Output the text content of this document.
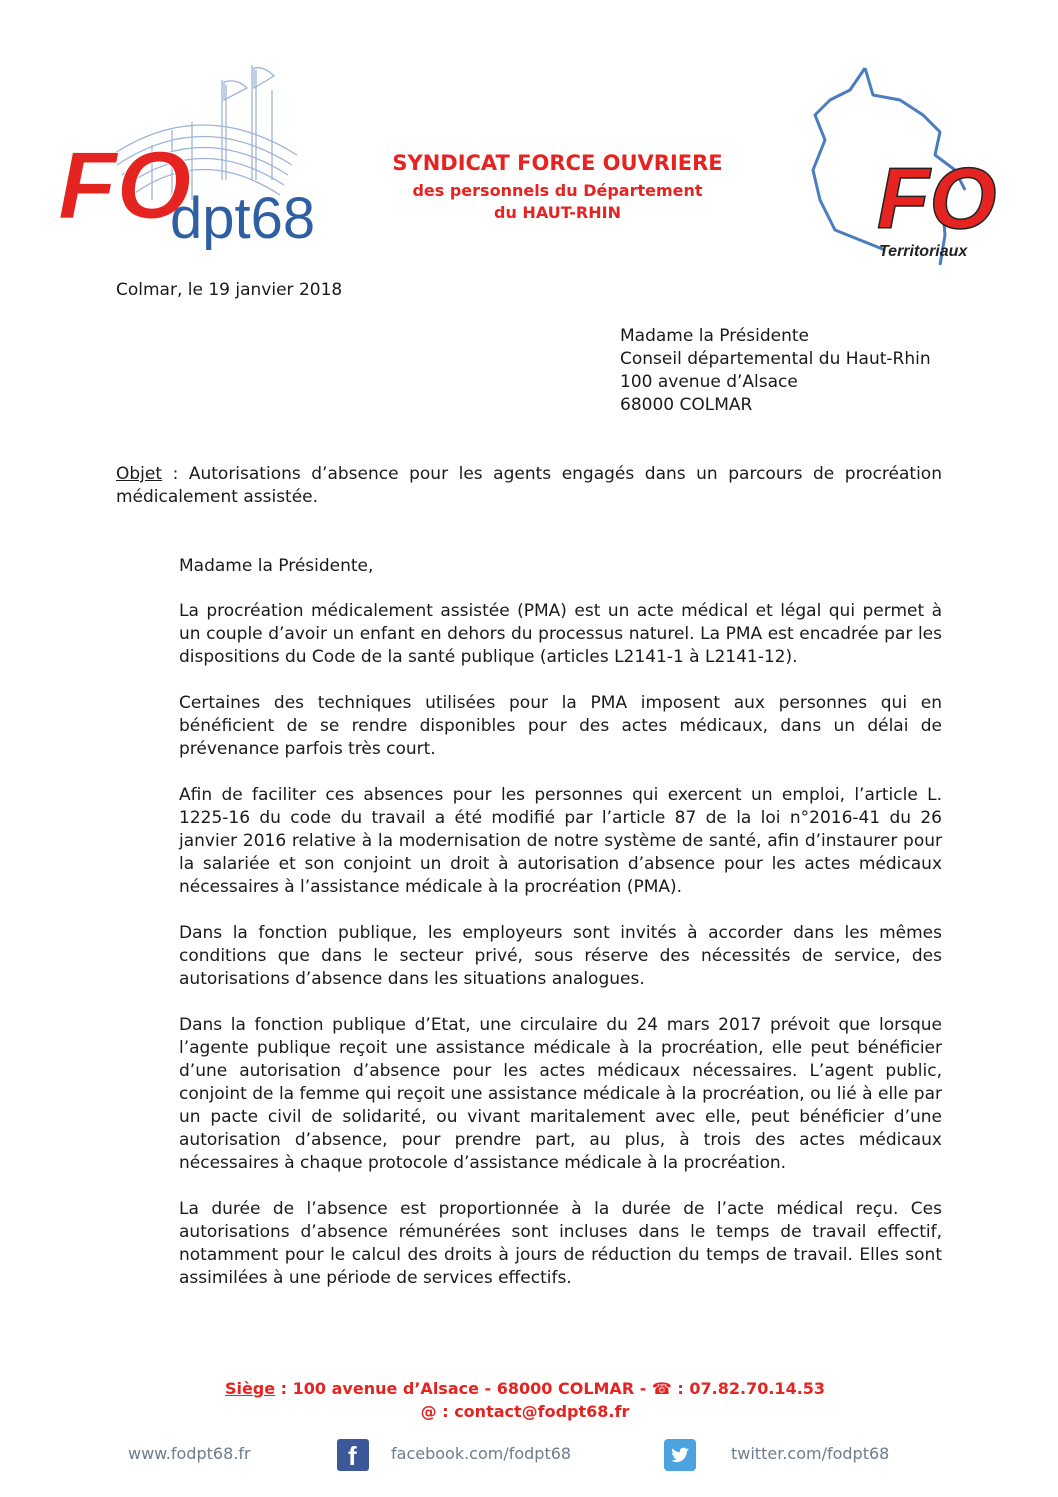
FO
dpt68
SYNDICAT FORCE OUVRIERE
des personnels du Département
du HAUT-RHIN	FO
Territoriaux
Colmar, le 19 janvier 2018
Madame la Présidente
Conseil départemental du Haut-Rhin
100 avenue d’Alsace
68000 COLMAR
Objet : Autorisations d’absence pour les agents engagés dans un parcours de procréation médicalement assistée.
Madame la Présidente,

La procréation médicalement assistée (PMA) est un acte médical et légal qui permet à un couple d’avoir un enfant en dehors du processus naturel. La PMA est encadrée par les dispositions du Code de la santé publique (articles L2141-1 à L2141-12).

Certaines des techniques utilisées pour la PMA imposent aux personnes qui en bénéficient de se rendre disponibles pour des actes médicaux, dans un délai de prévenance parfois très court.

Afin de faciliter ces absences pour les personnes qui exercent un emploi, l’article L. 1225-16 du code du travail a été modifié par l’article 87 de la loi n°2016-41 du 26 janvier 2016 relative à la modernisation de notre système de santé, afin d’instaurer pour la salariée et son conjoint un droit à autorisation d’absence pour les actes médicaux nécessaires à l’assistance médicale à la procréation (PMA).

Dans la fonction publique, les employeurs sont invités à accorder dans les mêmes conditions que dans le secteur privé, sous réserve des nécessités de service, des autorisations d’absence dans les situations analogues.

Dans la fonction publique d’Etat, une circulaire du 24 mars 2017 prévoit que lorsque l’agente publique reçoit une assistance médicale à la procréation, elle peut bénéficier d’une autorisation d’absence pour les actes médicaux nécessaires. L’agent public, conjoint de la femme qui reçoit une assistance médicale à la procréation, ou lié à elle par un pacte civil de solidarité, ou vivant maritalement avec elle, peut bénéficier d’une autorisation d’absence, pour prendre part, au plus, à trois des actes médicaux nécessaires à chaque protocole d’assistance médicale à la procréation.

La durée de l’absence est proportionnée à la durée de l’acte médical reçu. Ces autorisations d’absence rémunérées sont incluses dans le temps de travail effectif, notamment pour le calcul des droits à jours de réduction du temps de travail. Elles sont assimilées à une période de services effectifs.

Siège : 100 avenue d’Alsace - 68000 COLMAR - ☎ : 07.82.70.14.53
@ : contact@fodpt68.fr
www.fodpt68.fr	f facebook.com/fodpt68	twitter.com/fodpt68
